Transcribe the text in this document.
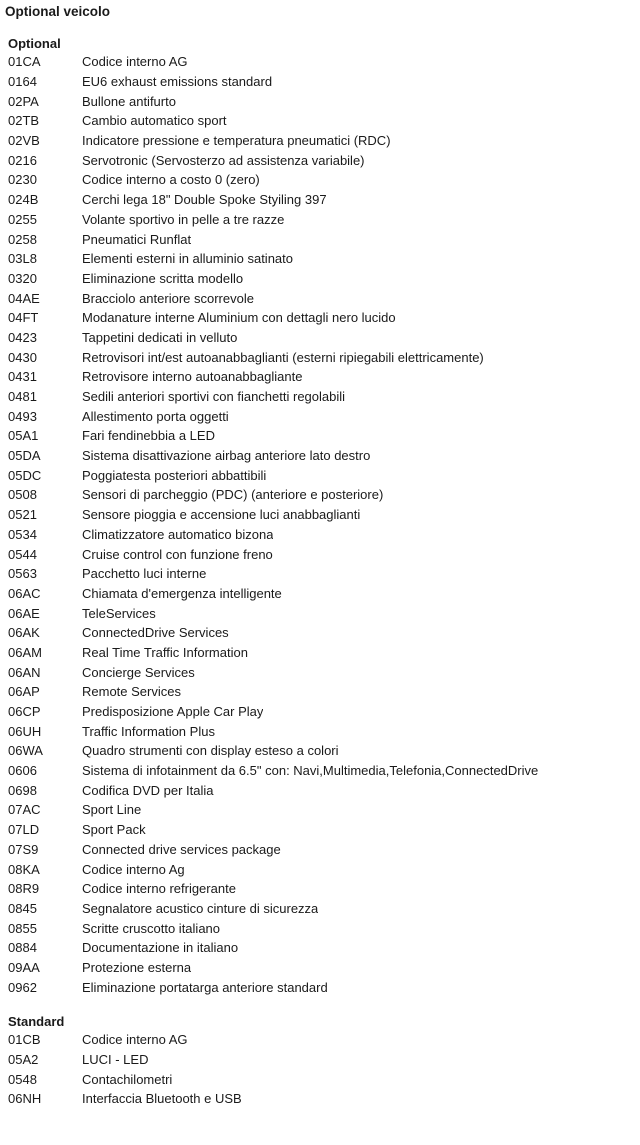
Optional veicolo
Optional
01CA	Codice interno AG
0164	EU6 exhaust emissions standard
02PA	Bullone antifurto
02TB	Cambio automatico sport
02VB	Indicatore pressione e temperatura pneumatici (RDC)
0216	Servotronic (Servosterzo ad assistenza variabile)
0230	Codice interno a costo 0 (zero)
024B	Cerchi lega 18" Double Spoke Styiling 397
0255	Volante sportivo in pelle a tre razze
0258	Pneumatici Runflat
03L8	Elementi esterni in alluminio satinato
0320	Eliminazione scritta modello
04AE	Bracciolo anteriore scorrevole
04FT	Modanature interne Aluminium con dettagli nero lucido
0423	Tappetini dedicati in velluto
0430	Retrovisori int/est autoanabbaglianti (esterni ripiegabili elettricamente)
0431	Retrovisore interno autoanabbagliante
0481	Sedili anteriori sportivi con fianchetti regolabili
0493	Allestimento porta oggetti
05A1	Fari fendinebbia a LED
05DA	Sistema disattivazione airbag anteriore lato destro
05DC	Poggiatesta posteriori abbattibili
0508	Sensori di parcheggio (PDC) (anteriore e posteriore)
0521	Sensore pioggia e accensione luci anabbaglianti
0534	Climatizzatore automatico bizona
0544	Cruise control con funzione freno
0563	Pacchetto luci interne
06AC	Chiamata d'emergenza intelligente
06AE	TeleServices
06AK	ConnectedDrive Services
06AM	Real Time Traffic Information
06AN	Concierge Services
06AP	Remote Services
06CP	Predisposizione Apple Car Play
06UH	Traffic Information Plus
06WA	Quadro strumenti con display esteso a colori
0606	Sistema di infotainment da 6.5" con: Navi,Multimedia,Telefonia,ConnectedDrive
0698	Codifica DVD per Italia
07AC	Sport Line
07LD	Sport Pack
07S9	Connected drive services package
08KA	Codice interno Ag
08R9	Codice interno refrigerante
0845	Segnalatore acustico cinture di sicurezza
0855	Scritte cruscotto italiano
0884	Documentazione in italiano
09AA	Protezione esterna
0962	Eliminazione portatarga anteriore standard
Standard
01CB	Codice interno AG
05A2	LUCI - LED
0548	Contachilometri
06NH	Interfaccia Bluetooth e USB
